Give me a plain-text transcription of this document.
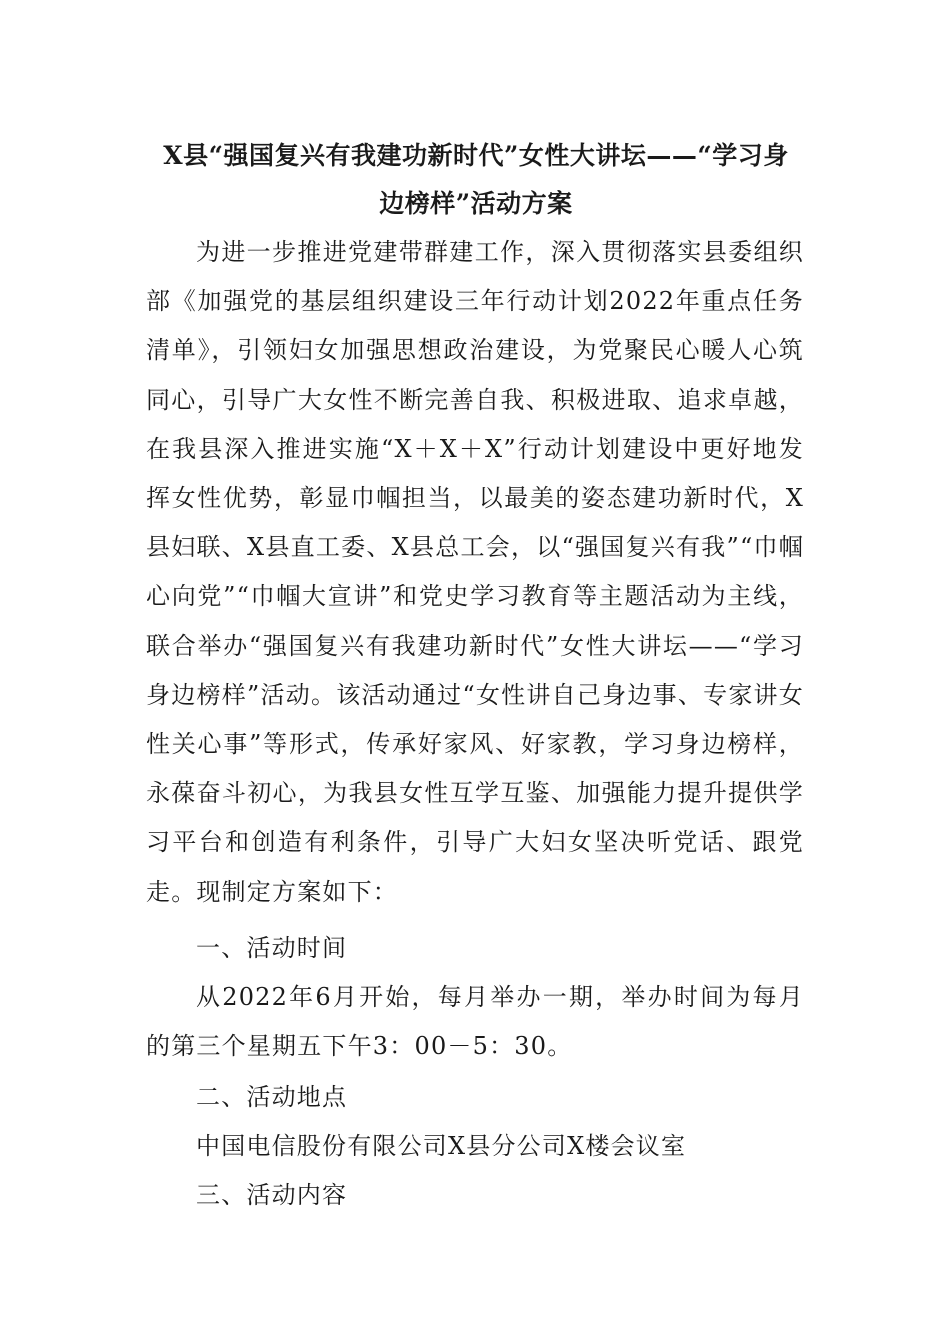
X县“强国复兴有我建功新时代”女性大讲坛——“学习身
边榜样”活动方案

为进一步推进党建带群建工作，深入贯彻落实县委组织部《加强党的基层组织建设三年行动计划2022年重点任务清单》，引领妇女加强思想政治建设，为党聚民心暖人心筑同心，引导广大女性不断完善自我、积极进取、追求卓越，在我县深入推进实施“X＋X＋X”行动计划建设中更好地发挥女性优势，彰显巾帼担当，以最美的姿态建功新时代，X县妇联、X县直工委、X县总工会，以“强国复兴有我”“巾帼心向党”“巾帼大宣讲”和党史学习教育等主题活动为主线，联合举办“强国复兴有我建功新时代”女性大讲坛——“学习身边榜样”活动。该活动通过“女性讲自己身边事、专家讲女性关心事”等形式，传承好家风、好家教，学习身边榜样，永葆奋斗初心，为我县女性互学互鉴、加强能力提升提供学习平台和创造有利条件，引导广大妇女坚决听党话、跟党走。现制定方案如下：

一、活动时间

从2022年6月开始，每月举办一期，举办时间为每月的第三个星期五下午3：00－5：30。

二、活动地点
中国电信股份有限公司X县分公司X楼会议室
三、活动内容
